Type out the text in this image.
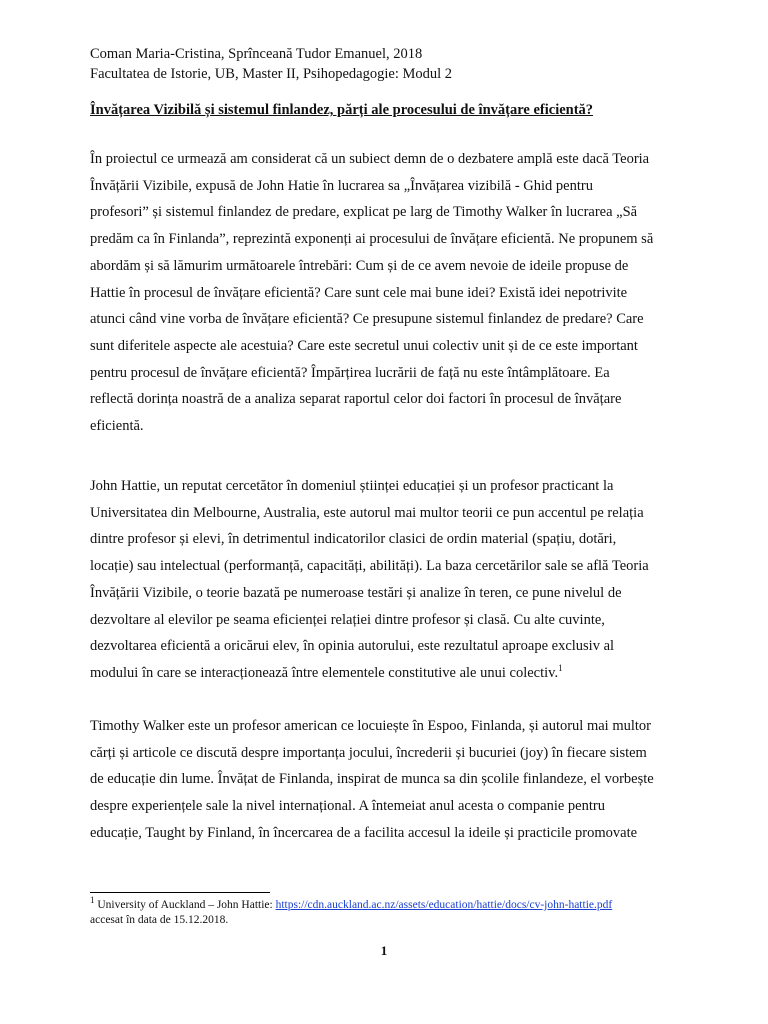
Coman Maria-Cristina, Sprînceană Tudor Emanuel, 2018
Facultatea de Istorie, UB, Master II, Psihopedagogie: Modul 2
Învățarea Vizibilă și sistemul finlandez, părți ale procesului de învățare eficientă?

În proiectul ce urmează am considerat că un subiect demn de o dezbatere amplă este dacă Teoria
Învățării Vizibile, expusă de John Hatie în lucrarea sa „Învățarea vizibilă - Ghid pentru
profesori” și sistemul finlandez de predare, explicat pe larg de Timothy Walker în lucrarea „Să
predăm ca în Finlanda”, reprezintă exponenți ai procesului de învățare eficientă. Ne propunem să
abordăm și să lămurim următoarele întrebări: Cum și de ce avem nevoie de ideile propuse de
Hattie în procesul de învățare eficientă? Care sunt cele mai bune idei? Există idei nepotrivite
atunci când vine vorba de învățare eficientă? Ce presupune sistemul finlandez de predare? Care
sunt diferitele aspecte ale acestuia? Care este secretul unui colectiv unit și de ce este important
pentru procesul de învățare eficientă? Împărțirea lucrării de față nu este întâmplătoare. Ea
reflectă dorința noastră de a analiza separat raportul celor doi factori în procesul de învățare
eficientă.

John Hattie, un reputat cercetător în domeniul științei educației și un profesor practicant la
Universitatea din Melbourne, Australia, este autorul mai multor teorii ce pun accentul pe relația
dintre profesor și elevi, în detrimentul indicatorilor clasici de ordin material (spațiu, dotări,
locație) sau intelectual (performanță, capacități, abilități). La baza cercetărilor sale se află Teoria
Învățării Vizibile, o teorie bazată pe numeroase testări și analize în teren, ce pune nivelul de
dezvoltare al elevilor pe seama eficienței relației dintre profesor și clasă. Cu alte cuvinte,
dezvoltarea eficientă a oricărui elev, în opinia autorului, este rezultatul aproape exclusiv al
modului în care se interacționează între elementele constitutive ale unui colectiv.$^1$

Timothy Walker este un profesor american ce locuiește în Espoo, Finlanda, și autorul mai multor
cărți și articole ce discută despre importanța jocului, încrederii și bucuriei (joy) în fiecare sistem
de educație din lume. Învățat de Finlanda, inspirat de munca sa din școlile finlandeze, el vorbește
despre experiențele sale la nivel internațional. A întemeiat anul acesta o companie pentru
educație, Taught by Finland, în încercarea de a facilita accesul la ideile și practicile promovate

$^1$ University of Auckland – John Hattie: https://cdn.auckland.ac.nz/assets/education/hattie/docs/cv-john-hattie.pdf
accesat în data de 15.12.2018.
1
